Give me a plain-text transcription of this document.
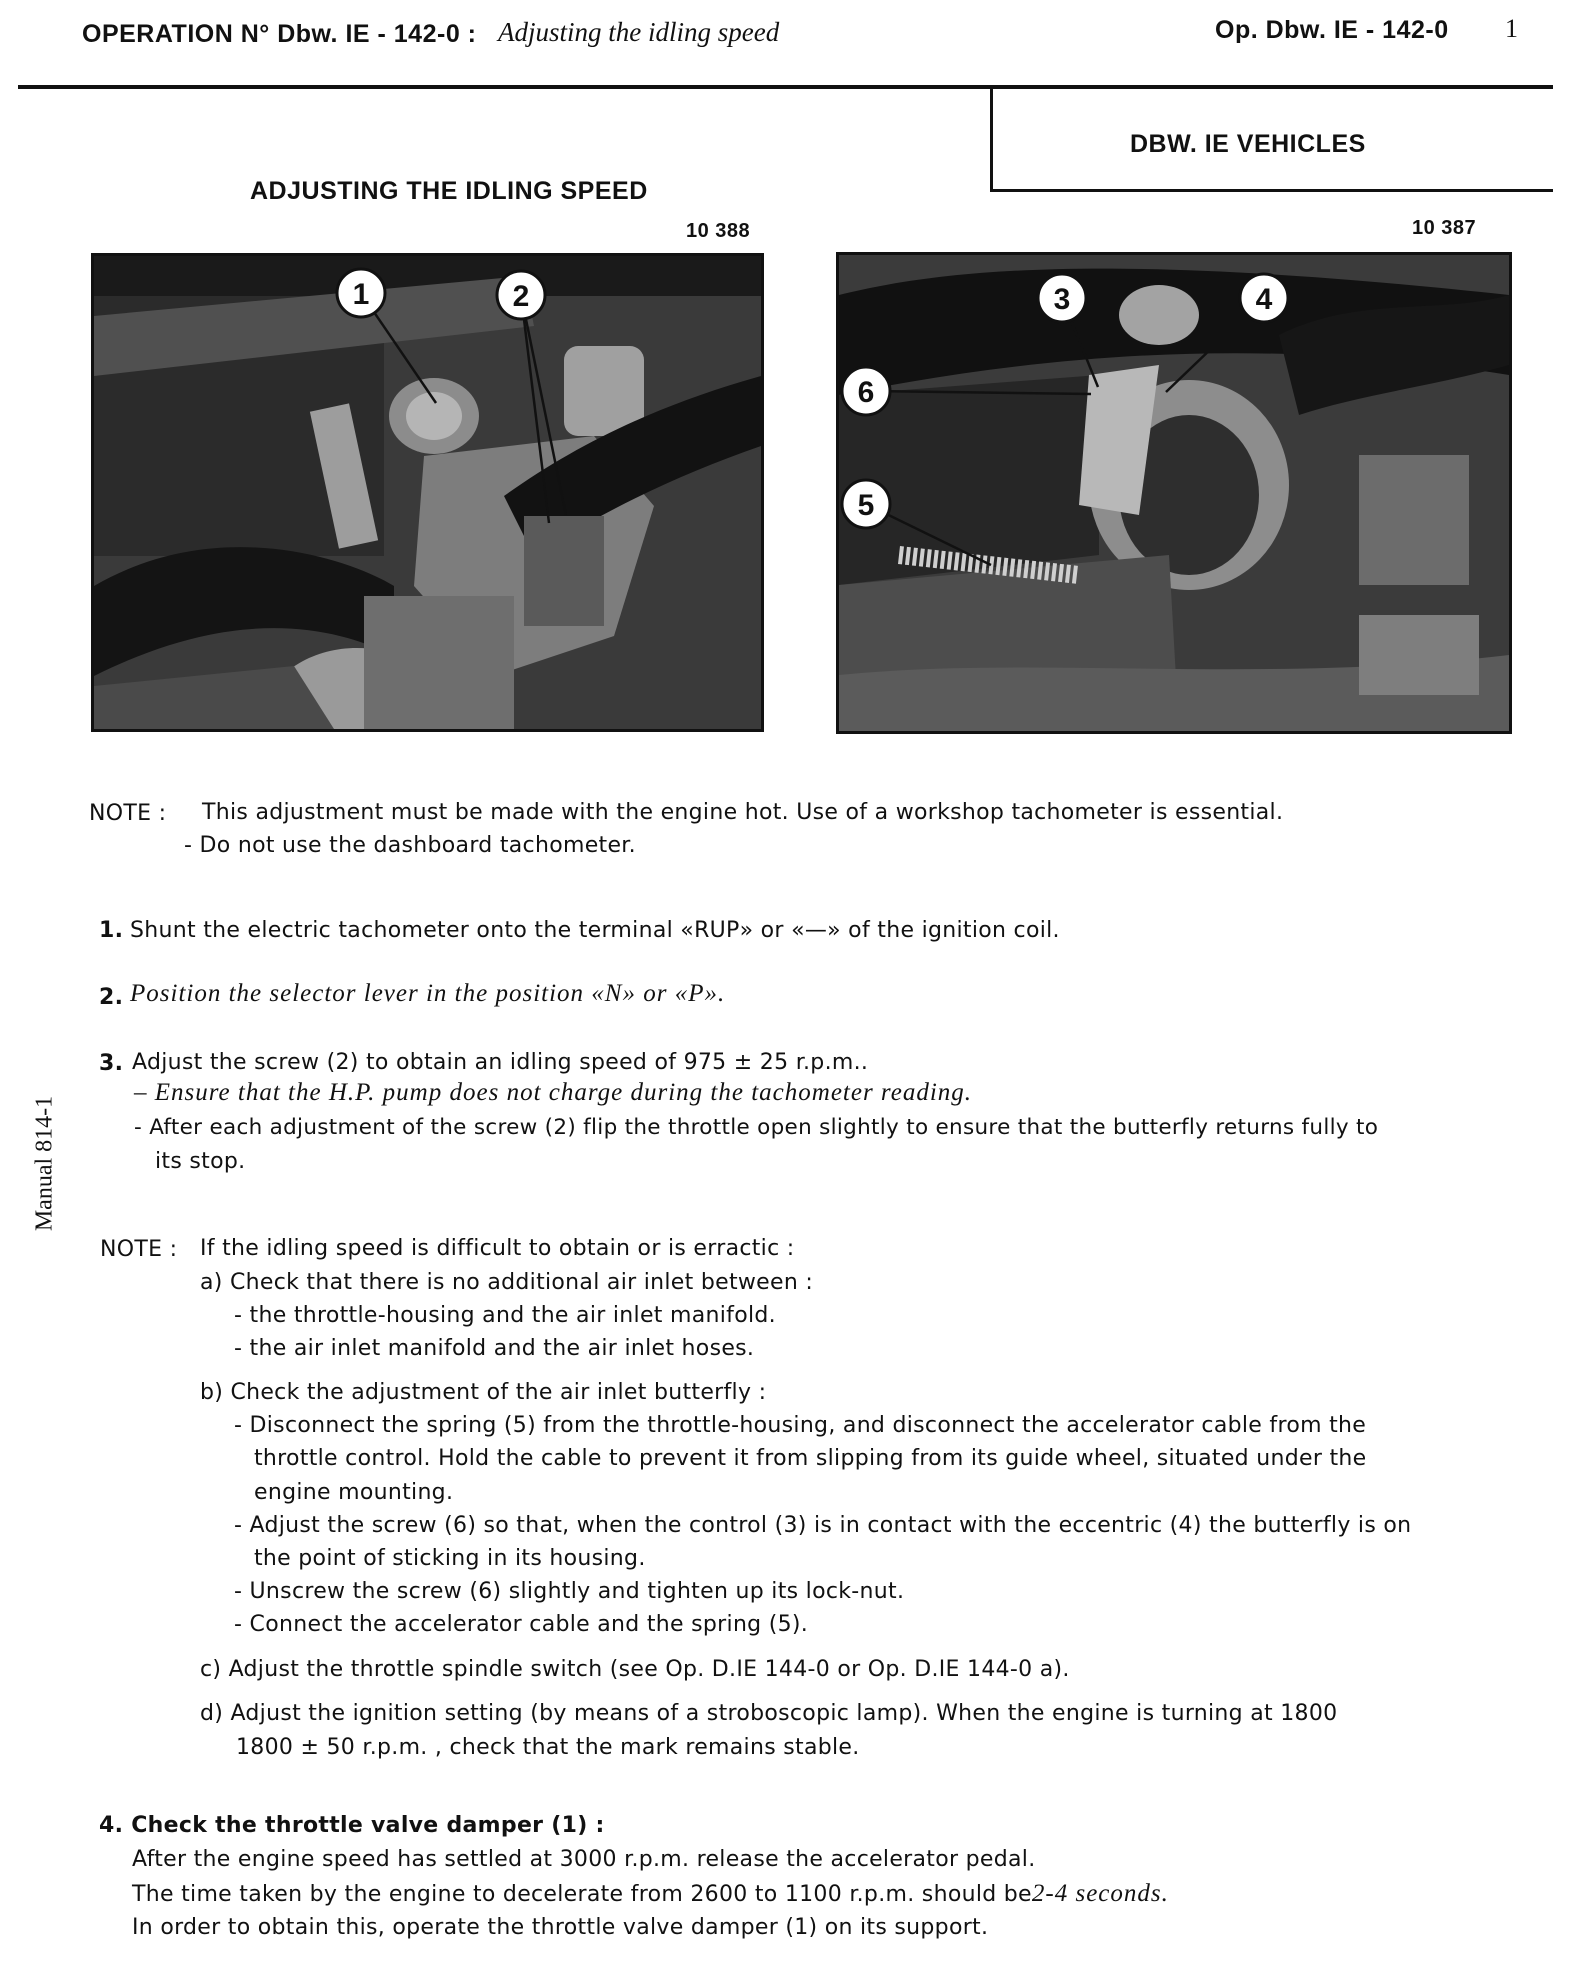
OPERATION N° Dbw. IE - 142-0 : Adjusting the idling speed	Op. Dbw. IE - 142-0 1
DBW. IE VEHICLES
ADJUSTING THE IDLING SPEED
10 388	10 387
1	2	3	4
6
5
Manual 814-1
NOTE : This adjustment must be made with the engine hot. Use of a workshop tachometer is essential.
- Do not use the dashboard tachometer.
1. Shunt the electric tachometer onto the terminal «RUP» or «—» of the ignition coil.
2. Position the selector lever in the position «N» or «P».
3. Adjust the screw (2) to obtain an idling speed of 975 ± 25 r.p.m..
– Ensure that the H.P. pump does not charge during the tachometer reading.
- After each adjustment of the screw (2) flip the throttle open slightly to ensure that the butterfly returns fully to
its stop.
NOTE : If the idling speed is difficult to obtain or is erractic :
a) Check that there is no additional air inlet between :
- the throttle-housing and the air inlet manifold.
- the air inlet manifold and the air inlet hoses.
b) Check the adjustment of the air inlet butterfly :
- Disconnect the spring (5) from the throttle-housing, and disconnect the accelerator cable from the
throttle control. Hold the cable to prevent it from slipping from its guide wheel, situated under the
engine mounting.
- Adjust the screw (6) so that, when the control (3) is in contact with the eccentric (4) the butterfly is on
the point of sticking in its housing.
- Unscrew the screw (6) slightly and tighten up its lock-nut.
- Connect the accelerator cable and the spring (5).
c) Adjust the throttle spindle switch (see Op. D.IE 144-0 or Op. D.IE 144-0 a).
d) Adjust the ignition setting (by means of a stroboscopic lamp). When the engine is turning at 1800
1800 ± 50 r.p.m. , check that the mark remains stable.
4. Check the throttle valve damper (1) :
After the engine speed has settled at 3000 r.p.m. release the accelerator pedal.
The time taken by the engine to decelerate from 2600 to 1100 r.p.m. should be2-4 seconds.
In order to obtain this, operate the throttle valve damper (1) on its support.
